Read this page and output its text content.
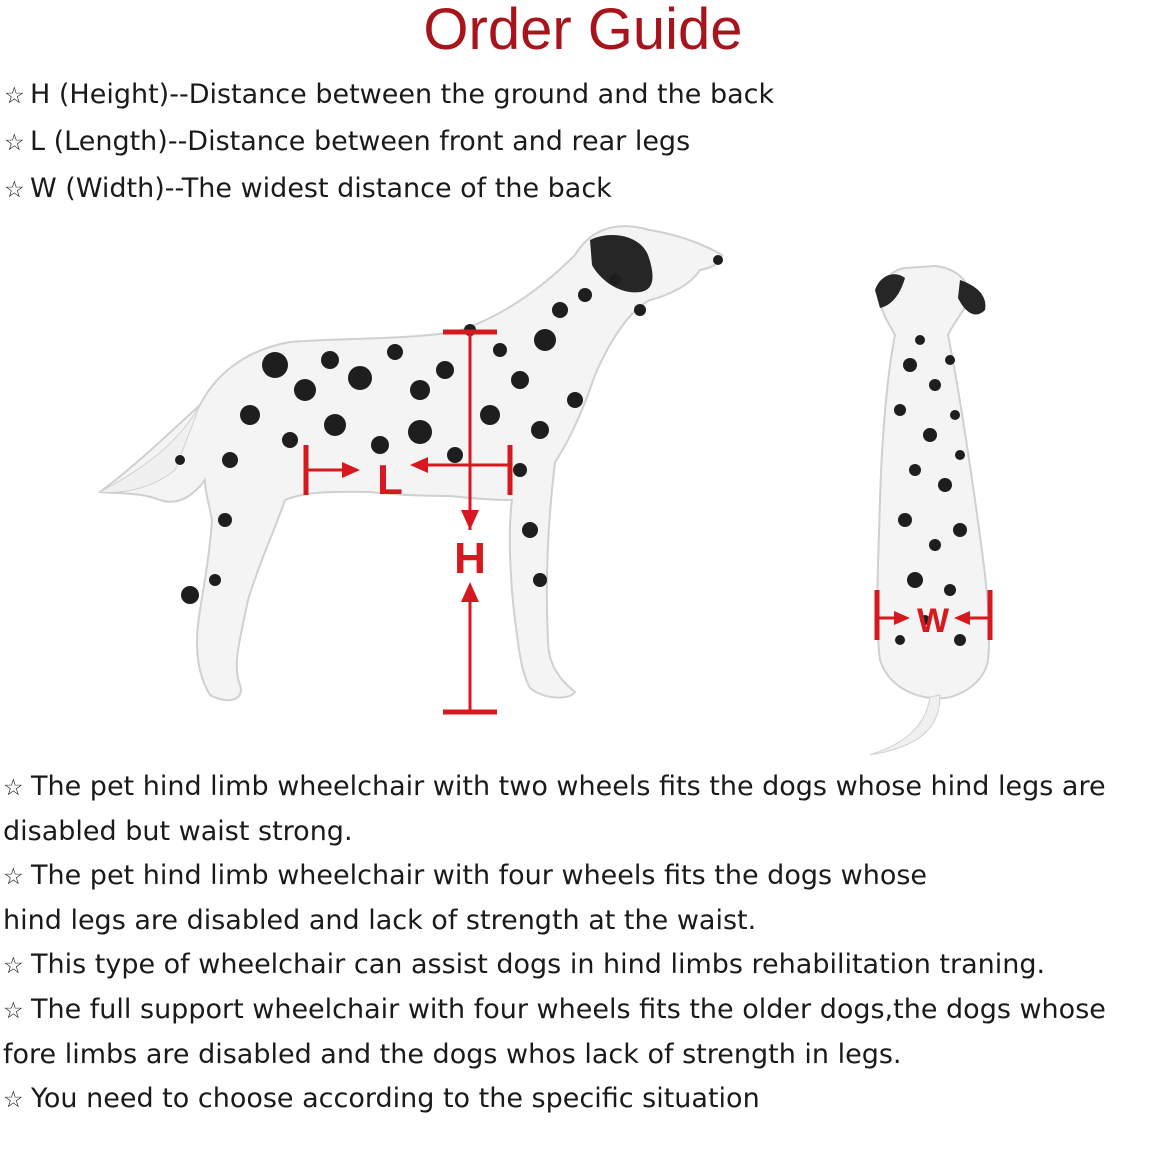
Order Guide
☆ H (Height)--Distance between the ground and the back
☆ L (Length)--Distance between front and rear legs
☆ W (Width)--The widest distance of the back
H
L
W
☆ The pet hind limb wheelchair with two wheels fits the dogs whose hind legs are disabled but waist strong.
☆ The pet hind limb wheelchair with four wheels fits the dogs whose
hind legs are disabled and lack of strength at the waist.
☆ This type of wheelchair can assist dogs in hind limbs rehabilitation traning.
☆ The full support wheelchair with four wheels fits the older dogs,the dogs whose fore limbs are disabled and the dogs whos lack of strength in legs.
☆ You need to choose according to the specific situation
